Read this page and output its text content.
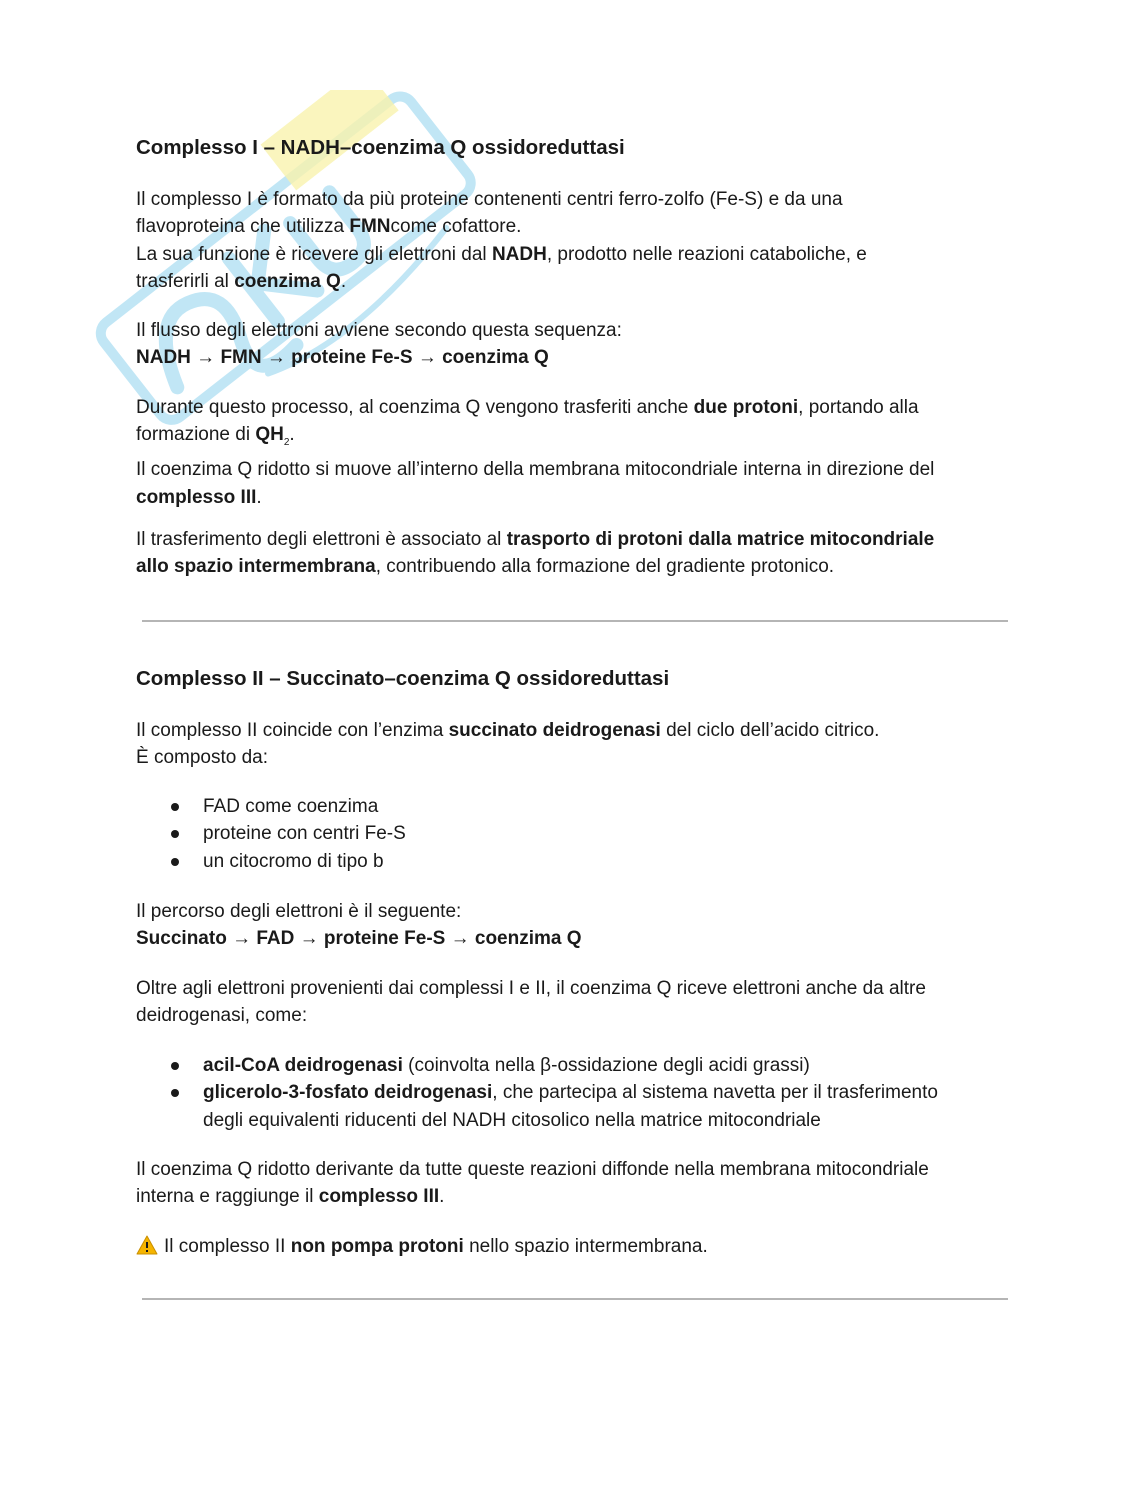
Complesso I – NADH–coenzima Q ossidoreduttasi
Il complesso I è formato da più proteine contenenti centri ferro-zolfo (Fe-S) e da una
flavoproteina che utilizza FMNcome cofattore.
La sua funzione è ricevere gli elettroni dal NADH, prodotto nelle reazioni cataboliche, e
trasferirli al coenzima Q.
Il flusso degli elettroni avviene secondo questa sequenza:
NADH → FMN → proteine Fe-S → coenzima Q
Durante questo processo, al coenzima Q vengono trasferiti anche due protoni, portando alla
formazione di $QH_2$.
Il coenzima Q ridotto si muove all’interno della membrana mitocondriale interna in direzione del
complesso III.
Il trasferimento degli elettroni è associato al trasporto di protoni dalla matrice mitocondriale
allo spazio intermembrana, contribuendo alla formazione del gradiente protonico.
Complesso II – Succinato–coenzima Q ossidoreduttasi
Il complesso II coincide con l’enzima succinato deidrogenasi del ciclo dell’acido citrico.
È composto da:
FAD come coenzima
proteine con centri Fe-S
un citocromo di tipo b
Il percorso degli elettroni è il seguente:
Succinato → FAD → proteine Fe-S → coenzima Q
Oltre agli elettroni provenienti dai complessi I e II, il coenzima Q riceve elettroni anche da altre
deidrogenasi, come:
acil-CoA deidrogenasi (coinvolta nella β-ossidazione degli acidi grassi)
glicerolo-3-fosfato deidrogenasi, che partecipa al sistema navetta per il trasferimento
degli equivalenti riducenti del NADH citosolico nella matrice mitocondriale
Il coenzima Q ridotto derivante da tutte queste reazioni diffonde nella membrana mitocondriale
interna e raggiunge il complesso III.
Il complesso II non pompa protoni nello spazio intermembrana.
